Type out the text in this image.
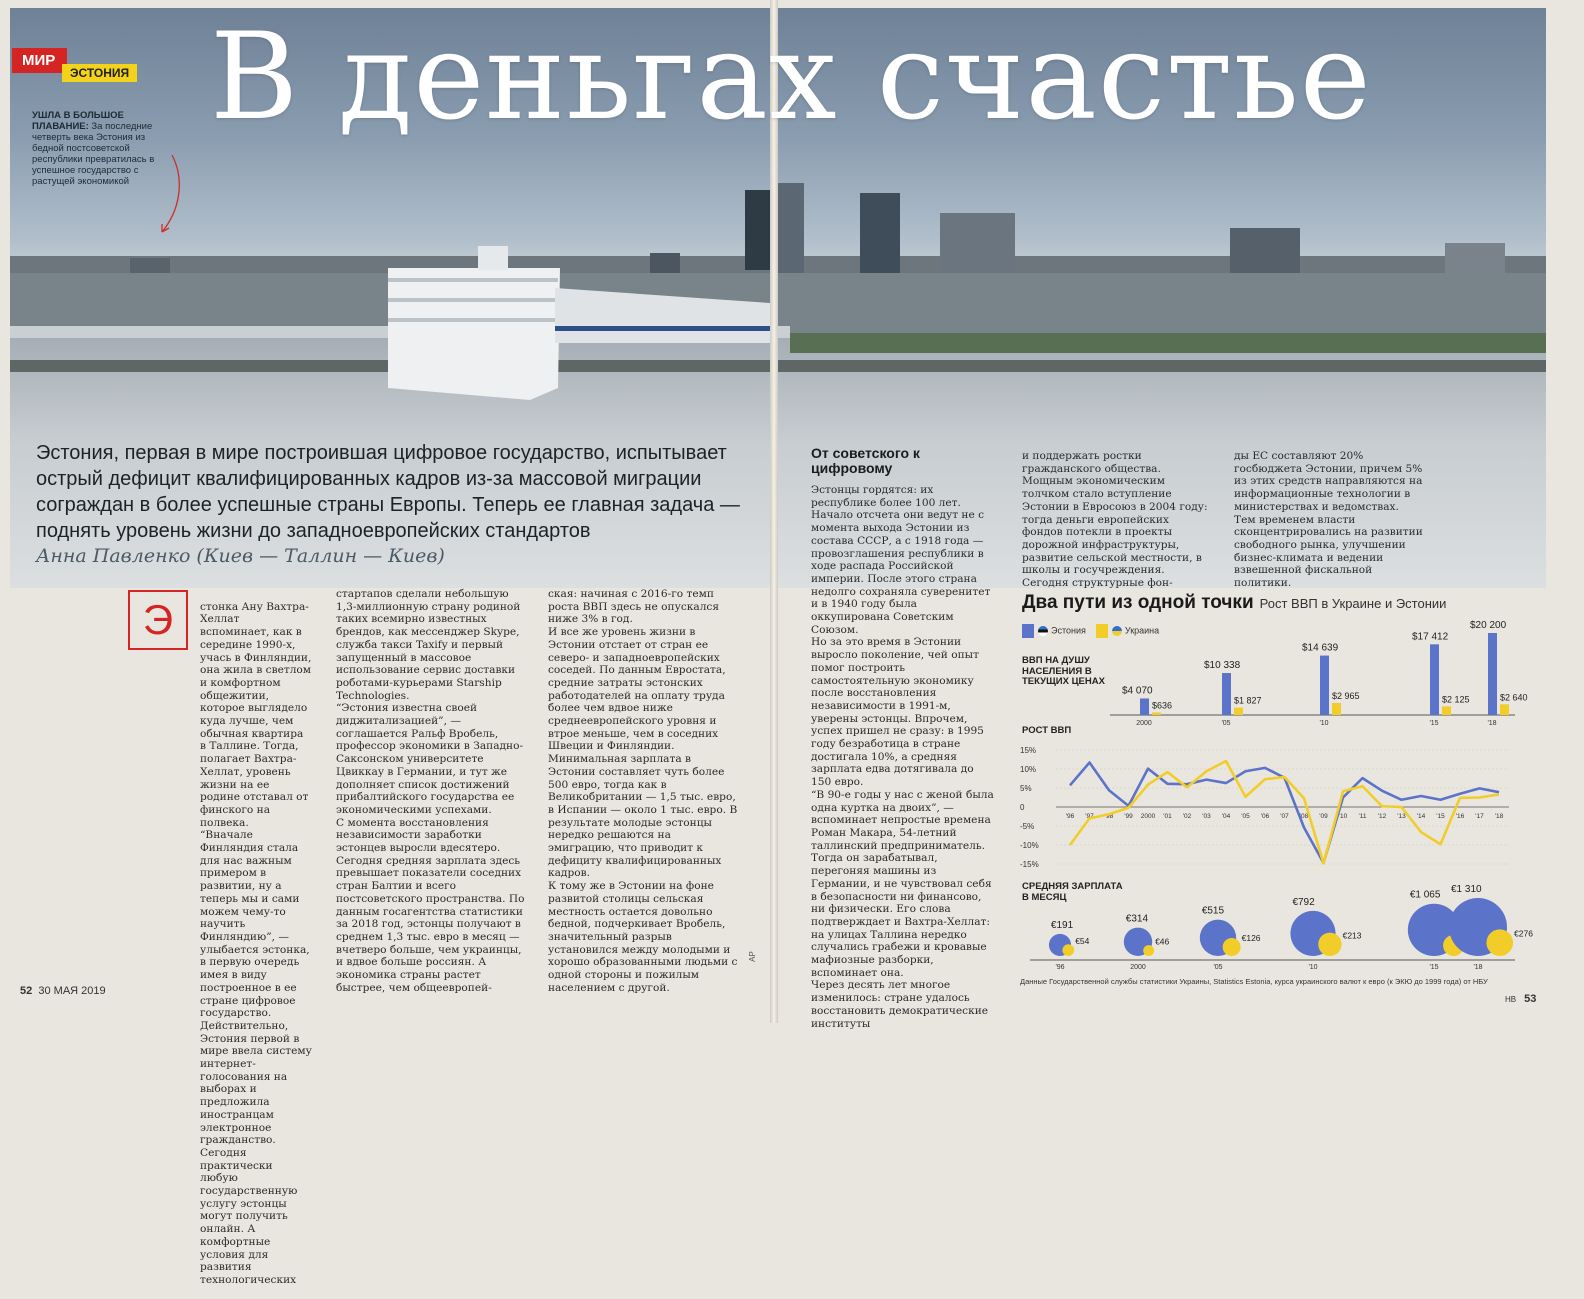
МИР
ЭСТОНИЯ В деньгах счастье
УШЛА В БОЛЬШОЕ ПЛАВАНИЕ: За последние четверть века Эстония из бедной постсоветской республики превратилась в успешное государство с растущей экономикой
Эстония, первая в мире построившая цифровое государство, испытывает острый дефицит квалифицированных кадров из-за массовой миграции сограждан в более успешные страны Европы. Теперь ее главная задача — поднять уровень жизни до западноевропейских стандартов
Анна Павленко (Киев — Таллин — Киев)
Э	стонка Ану Вахтра-Хеллат вспоминает, как в середине 1990-х, учась в Финляндии, она жила в светлом и комфортном общежитии, которое выглядело куда лучше, чем обычная квартира в Таллине. Тогда, полагает Вахтра-Хеллат, уровень жизни на ее родине отставал от финского на полвека.
“Вначале Финляндия стала для нас важным примером в развитии, ну а теперь мы и сами можем чему-то научить Финляндию”, — улыбается эстонка, в первую очередь имея в виду построенное в ее стране цифровое государство.
Действительно, Эстония первой в мире ввела систему интернет-голосования на выборах и предложила иностранцам электронное гражданство. Сегодня практически любую государственную услугу эстонцы могут получить онлайн. А комфортные условия для развития технологических

стартапов сделали небольшую 1,3-миллионную страну родиной таких всемирно известных брендов, как мессенджер Skype, служба такси Taxify и первый запущенный в массовое использование сервис доставки роботами-курьерами Starship Technologies.
“Эстония известна своей диджитализацией”, — соглашается Ральф Вробель, профессор экономики в Западно-Саксонском университете Цвиккау в Германии, и тут же дополняет список достижений прибалтийского государства ее экономическими успехами.
С момента восстановления независимости заработки эстонцев выросли вдесятеро. Сегодня средняя зарплата здесь превышает показатели соседних стран Балтии и всего постсоветского пространства. По данным госагентства статистики за 2018 год, эстонцы получают в среднем 1,3 тыс. евро в месяц — вчетверо больше, чем украинцы, и вдвое больше россиян. А экономика страны растет быстрее, чем общеевропей-
ская: начиная с 2016-го темп роста ВВП здесь не опускался ниже 3% в год.
И все же уровень жизни в Эстонии отстает от стран ее северо- и западноевропейских соседей. По данным Евростата, средние затраты эстонских работодателей на оплату труда более чем вдвое ниже среднеевропейского уровня и втрое меньше, чем в соседних Швеции и Финляндии.
Минимальная зарплата в Эстонии составляет чуть более 500 евро, тогда как в Великобритании — 1,5 тыс. евро, в Испании — около 1 тыс. евро. В результате молодые эстонцы нередко решаются на эмиграцию, что приводит к дефициту квалифицированных кадров.
К тому же в Эстонии на фоне развитой столицы сельская местность остается довольно бедной, подчеркивает Вробель, значительный разрыв установился между молодыми и хорошо образованными людьми с одной стороны и пожилым населением с другой.
AP
52 30 МАЯ 2019
От советского к цифровому
Эстонцы гордятся: их республике более 100 лет. Начало отсчета они ведут не с момента выхода Эстонии из состава СССР, а с 1918 года — провозглашения республики в ходе распада Российской империи. После этого страна недолго сохраняла суверенитет и в 1940 году была оккупирована Советским Союзом.
Но за это время в Эстонии выросло поколение, чей опыт помог построить самостоятельную экономику после восстановления независимости в 1991-м, уверены эстонцы. Впрочем, успех пришел не сразу: в 1995 году безработица в стране достигала 10%, а средняя зарплата едва дотягивала до 150 евро.
“В 90-е годы у нас с женой была одна куртка на двоих”, — вспоминает непростые времена Роман Макара, 54-летний таллинский предприниматель.
Тогда он зарабатывал, перегоняя машины из Германии, и не чувствовал себя в безопасности ни финансово, ни физически. Его слова подтверждает и Вахтра-Хеллат: на улицах Таллина нередко случались грабежи и кровавые мафиозные разборки, вспоминает она.
Через десять лет многое изменилось: стране удалось восстановить демократические институты
и поддержать ростки гражданского общества.
Мощным экономическим толчком стало вступление Эстонии в Евросоюз в 2004 году: тогда деньги европейских фондов потекли в проекты дорожной инфраструктуры, развитие сельской местности, в школы и госучреждения. Сегодня структурные фон-
ды ЕС составляют 20% госбюджета Эстонии, причем 5% из этих средств направляются на информационные технологии в министерствах и ведомствах.
Тем временем власти сконцентрировались на развитии свободного рынка, улучшении бизнес-климата и ведении взвешенной фискальной политики.
Два пути из одной точки Рост ВВП в Украине и Эстонии
Эстония	Украина
ВВП НА ДУШУ НАСЕЛЕНИЯ В ТЕКУЩИХ ЦЕНАХ
РОСТ ВВП
СРЕДНЯЯ ЗАРПЛАТА В МЕСЯЦ
$4 070
$636
2000
$10 338
$1 827
'05
$14 639
$2 965
'10
$17 412
$2 125
'15
$20 200
$2 640
'18
15%
10%
5%
0
-5%
-10%
-15%
'96 '97 '98 '99 2000 '01 '02 '03 '04 '05 '06 '07 '08 '09 '10 '11 '12 '13 '14 '15 '16 '17 '18
€191
€54
'96
€314
€46
2000
€515
€126
'05
€792
€213
'10
€1 065
'15
€1 310
€276
'18
Данные Государственной службы статистики Украины, Statistics Estonia, курса украинского валют к евро (к ЭКЮ до 1999 года) от НБУ
НВ 53
